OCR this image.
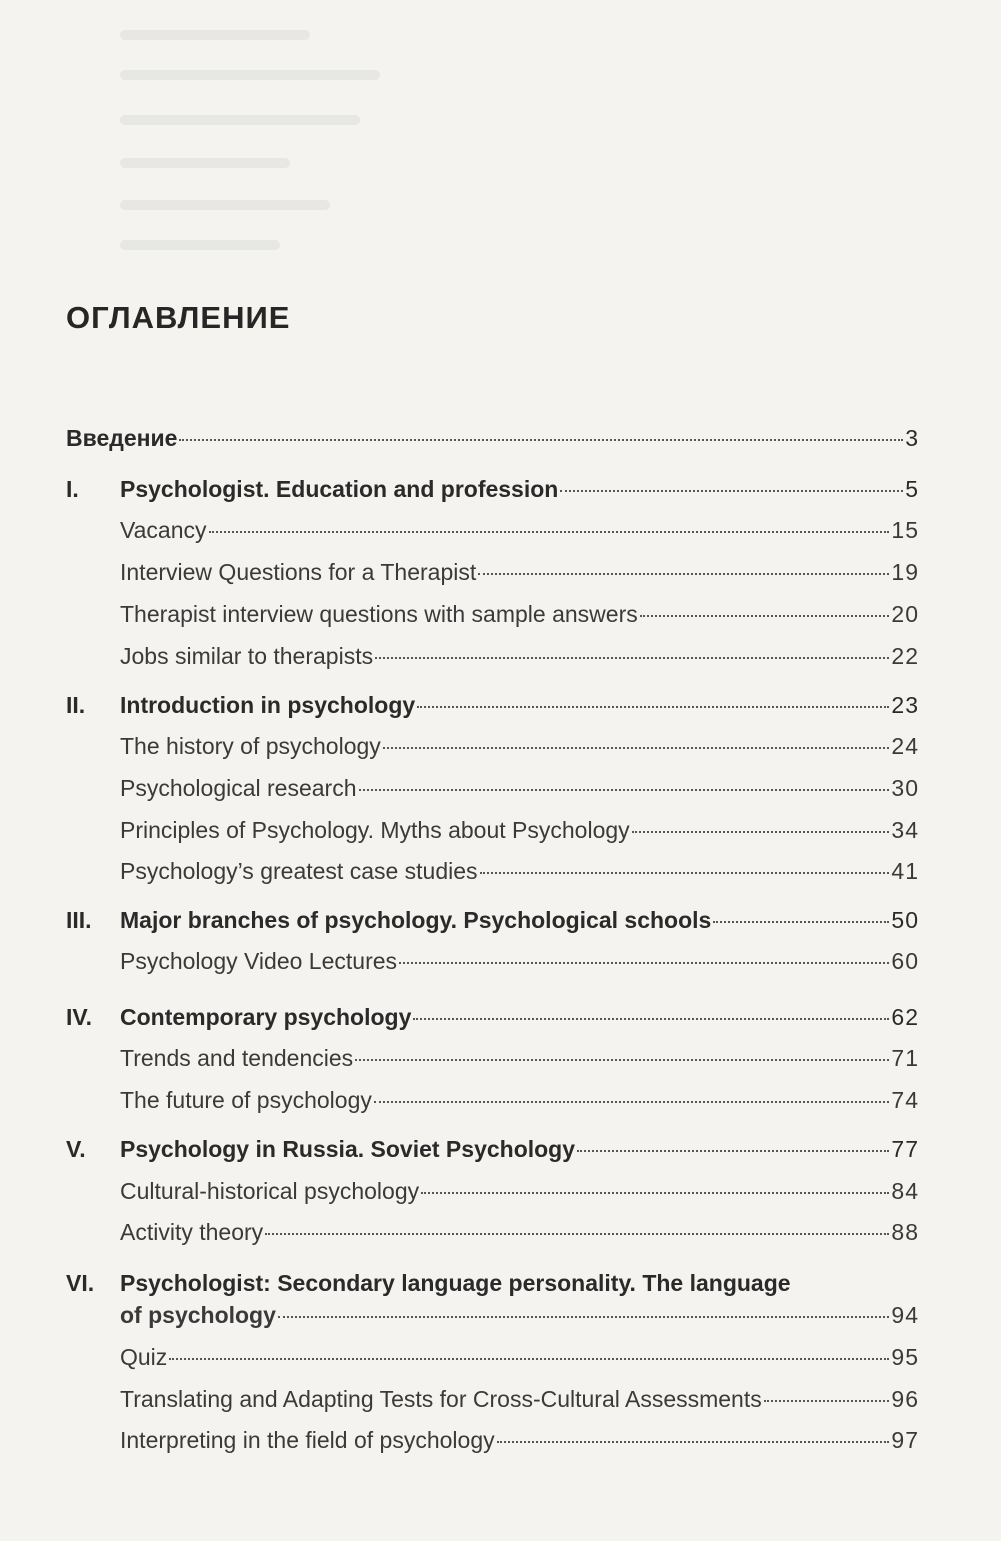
ОГЛАВЛЕНИЕ
Введение	3
I.	Psychologist. Education and profession	5
Vacancy	15
Interview Questions for a Therapist	19
Therapist interview questions with sample answers	20
Jobs similar to therapists	22
II.	Introduction in psychology	23
The history of psychology	24
Psychological research	30
Principles of Psychology. Myths about Psychology	34
Psychology’s greatest case studies	41
III.	Major branches of psychology. Psychological schools	50
Psychology Video Lectures	60
IV.	Contemporary psychology	62
Trends and tendencies	71
The future of psychology	74
V.	Psychology in Russia. Soviet Psychology	77
Cultural-historical psychology	84
Activity theory	88
VI. Psychologist: Secondary language personality. The language
of psychology	94
Quiz	95
Translating and Adapting Tests for Cross-Cultural Assessments	96
Interpreting in the field of psychology	97
